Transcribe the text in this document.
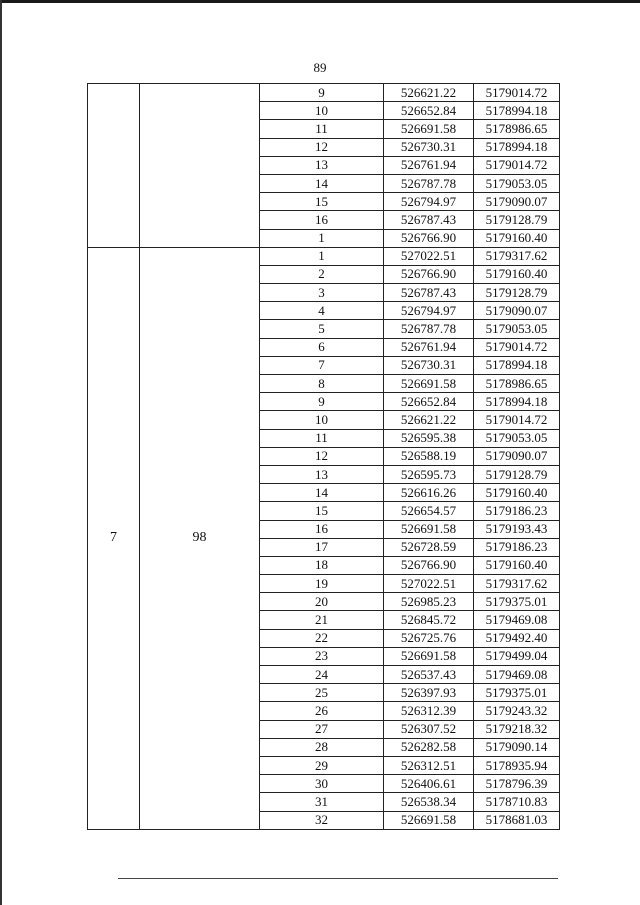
89
		9	526621.22	5179014.72
		10	526652.84	5178994.18
		11	526691.58	5178986.65
		12	526730.31	5178994.18
		13	526761.94	5179014.72
		14	526787.78	5179053.05
		15	526794.97	5179090.07
		16	526787.43	5179128.79
		1	526766.90	5179160.40
7	98	1	527022.51	5179317.62
		2	526766.90	5179160.40
		3	526787.43	5179128.79
		4	526794.97	5179090.07
		5	526787.78	5179053.05
		6	526761.94	5179014.72
		7	526730.31	5178994.18
		8	526691.58	5178986.65
		9	526652.84	5178994.18
		10	526621.22	5179014.72
		11	526595.38	5179053.05
		12	526588.19	5179090.07
		13	526595.73	5179128.79
		14	526616.26	5179160.40
		15	526654.57	5179186.23
		16	526691.58	5179193.43
		17	526728.59	5179186.23
		18	526766.90	5179160.40
		19	527022.51	5179317.62
		20	526985.23	5179375.01
		21	526845.72	5179469.08
		22	526725.76	5179492.40
		23	526691.58	5179499.04
		24	526537.43	5179469.08
		25	526397.93	5179375.01
		26	526312.39	5179243.32
		27	526307.52	5179218.32
		28	526282.58	5179090.14
		29	526312.51	5178935.94
		30	526406.61	5178796.39
		31	526538.34	5178710.83
		32	526691.58	5178681.03
